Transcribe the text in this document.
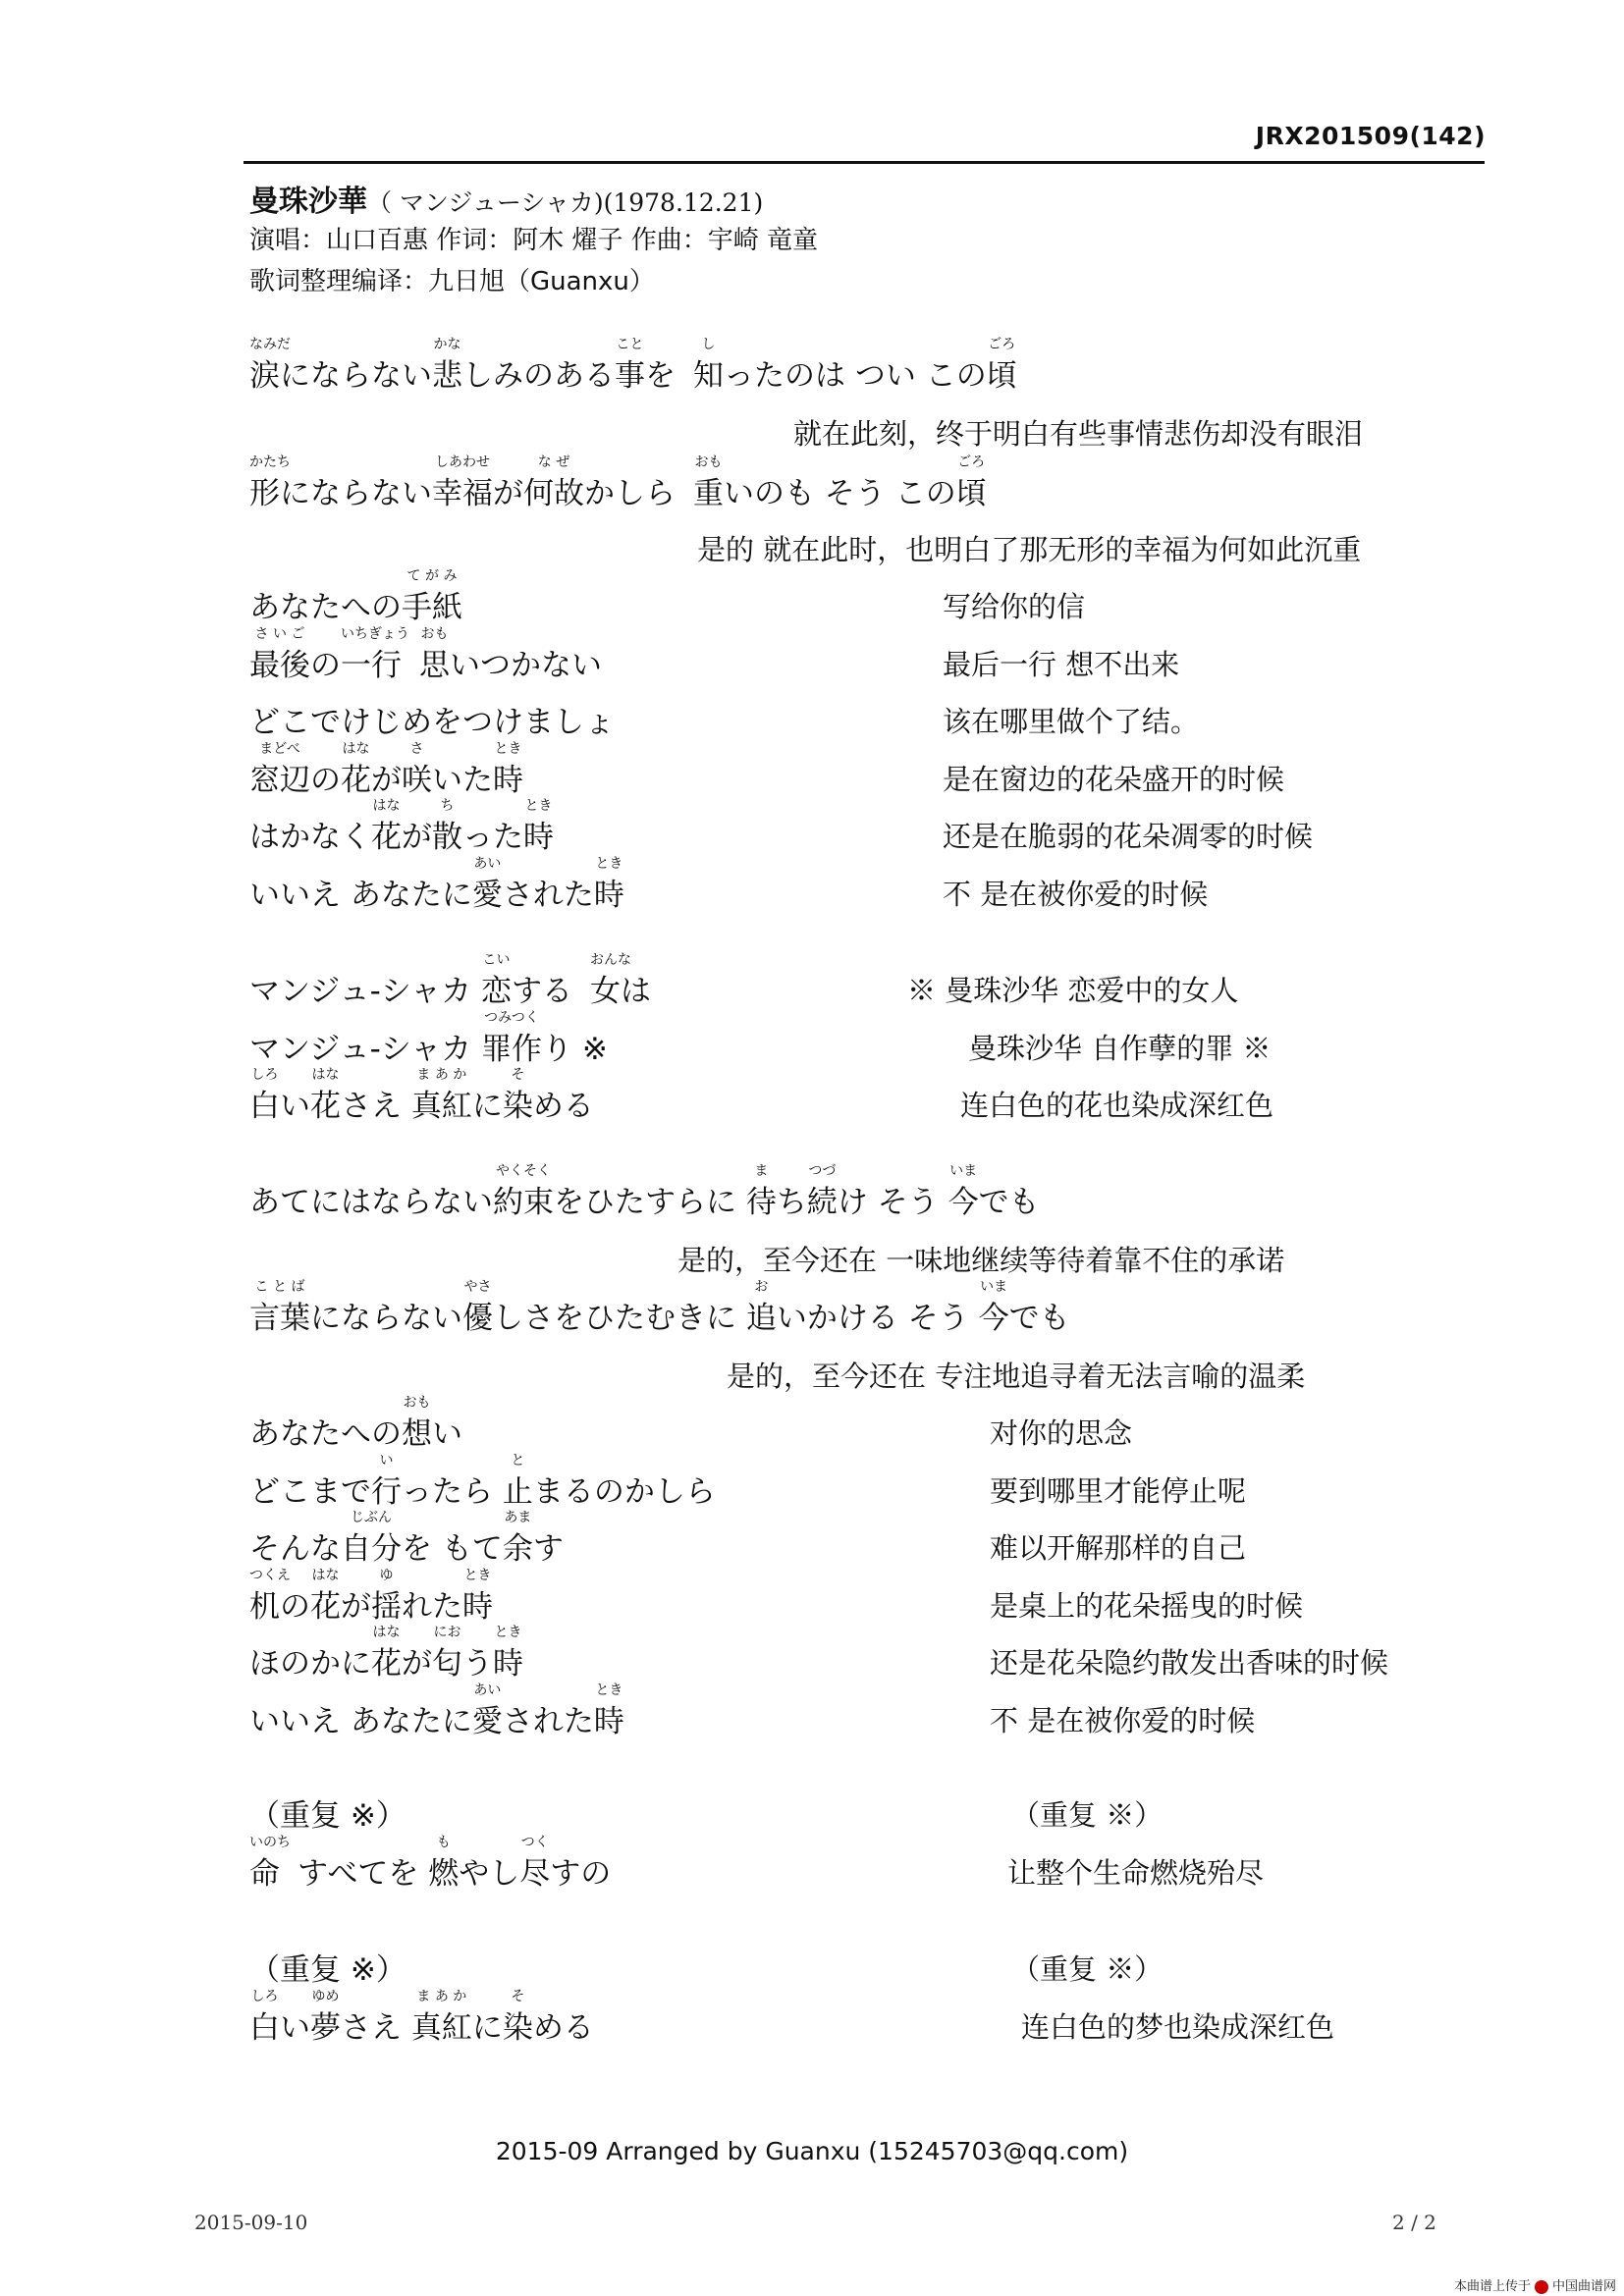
JRX201509(142)
曼珠沙華（ マンジューシャカ)(1978.12.21)
演唱：山口百惠 作词：阿木 燿子 作曲：宇崎 竜童
歌词整理编译：九日旭（Guanxu）
なみだ
涙にならない
かな
悲しみのある
こと
事を
し
知ったのは つい この
ごろ
頃
就在此刻，终于明白有些事情悲伤却没有眼泪
かたち
形にならない
しあわせ
幸福が
な ぜ
何故かしら
おも
重いのも そう この
ごろ
頃
是的 就在此时，也明白了那无形的幸福为何如此沉重
あなたへの
て が み
手紙	写给你的信
さ い ご
最後の
いちぎょう
一行
おも
思いつかない	最后一行 想不出来
どこでけじめをつけましょ	该在哪里做个了结。
まどべ
窓辺の
はな
花が
さ
咲いた
とき
時	是在窗边的花朵盛开的时候
はかなく
はな
花が
ち
散った
とき
時	还是在脆弱的花朵凋零的时候
いいえ あなたに
あい
愛された
とき
時	不 是在被你爱的时候
マンジュ-シャカ
こい
恋する
おんな
女は	※ 曼珠沙华 恋爱中的女人
マンジュ-シャカ
つみつく
罪作り ※	曼珠沙华 自作孽的罪 ※
しろ
白い
はな
花さえ
ま あ か
真紅に
そ
染める	连白色的花也染成深红色
あてにはならない
やくそく
約束をひたすらに
ま
待ち
つづ
続け そう
いま
今でも
是的，至今还在 一味地继续等待着靠不住的承诺
こ と ば
言葉にならない
やさ
優しさをひたむきに
お
追いかける そう
いま
今でも
是的，至今还在 专注地追寻着无法言喻的温柔
あなたへの
おも
想い	对你的思念
どこまで
い
行ったら
と
止まるのかしら	要到哪里才能停止呢
そんな
じぶん
自分を もて
あま
余す	难以开解那样的自己
つくえ
机の
はな
花が
ゆ
揺れた
とき
時	是桌上的花朵摇曳的时候
ほのかに
はな
花が
にお
匂う
とき
時	还是花朵隐约散发出香味的时候
いいえ あなたに
あい
愛された
とき
時	不 是在被你爱的时候
（重复 ※）	（重复 ※）
いのち
命 すべてを
も
燃やし
つく
尽すの	让整个生命燃烧殆尽
（重复 ※）	（重复 ※）
しろ
白い
ゆめ
夢さえ
ま あ か
真紅に
そ
染める	连白色的梦也染成深红色
2015-09 Arranged by Guanxu (15245703@qq.com)
2015-09-10	2 / 2
本曲谱上传于 中国曲谱网
